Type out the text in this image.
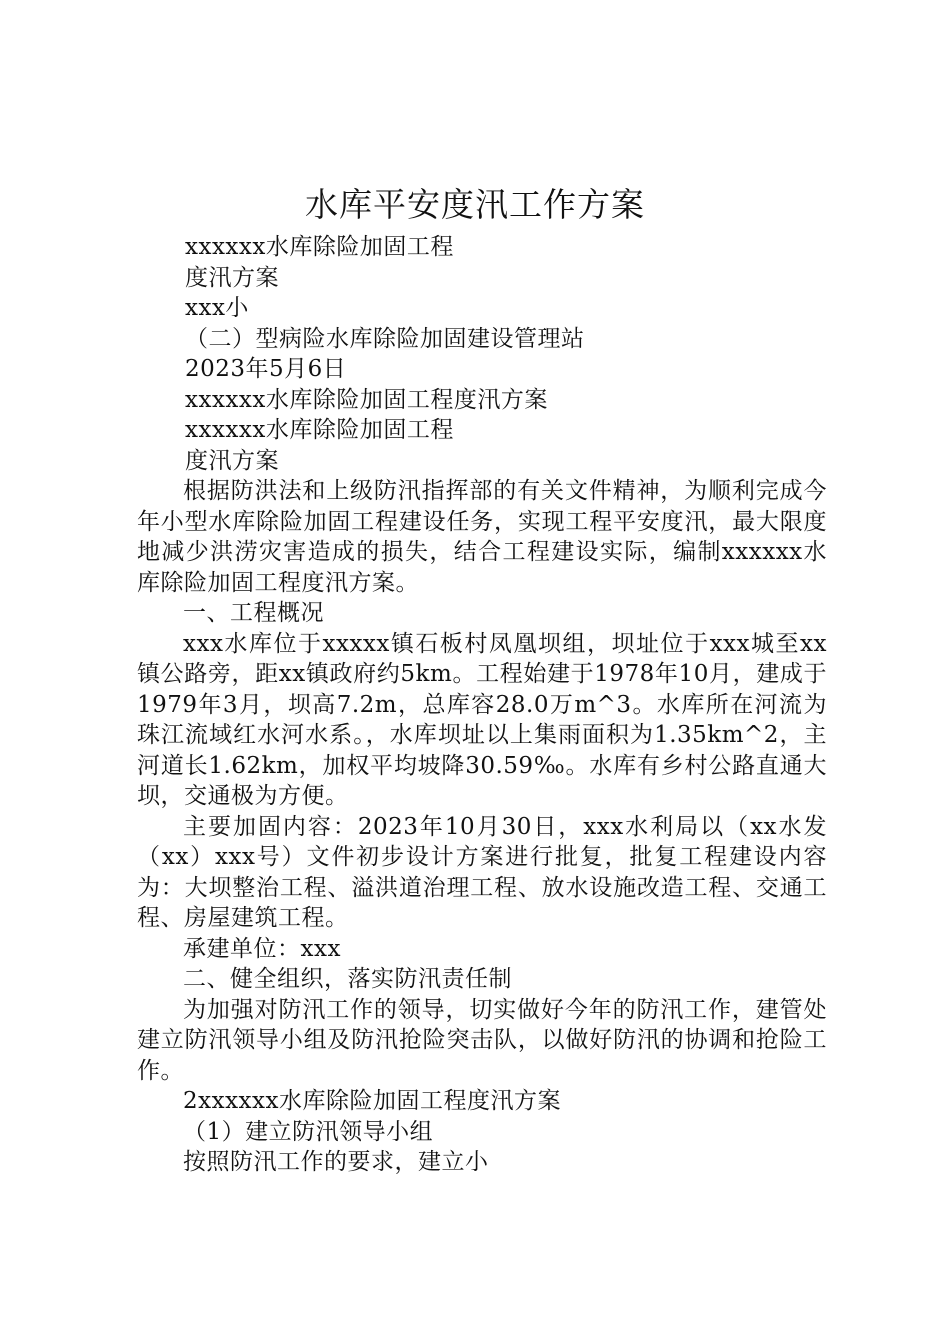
水库平安度汛工作方案

xxxxxx水库除险加固工程

度汛方案

xxx小

（二）型病险水库除险加固建设管理站

2023年5月6日

xxxxxx水库除险加固工程度汛方案

xxxxxx水库除险加固工程

度汛方案

根据防洪法和上级防汛指挥部的有关文件精神，为顺利完成今年小型水库除险加固工程建设任务，实现工程平安度汛，最大限度地减少洪涝灾害造成的损失，结合工程建设实际，编制xxxxxx水库除险加固工程度汛方案。

一、工程概况

xxx水库位于xxxxx镇石板村凤凰坝组，坝址位于xxx城至xx镇公路旁，距xx镇政府约5km。工程始建于1978年10月，建成于1979年3月，坝高7.2m，总库容28.0万m^3。水库所在河流为珠江流域红水河水系。，水库坝址以上集雨面积为1.35km^2，主河道长1.62km，加权平均坡降30.59‰。水库有乡村公路直通大坝，交通极为方便。

主要加固内容：2023年10月30日，xxx水利局以（xx水发（xx）xxx号）文件初步设计方案进行批复，批复工程建设内容为：大坝整治工程、溢洪道治理工程、放水设施改造工程、交通工程、房屋建筑工程。

承建单位：xxx

二、健全组织，落实防汛责任制

为加强对防汛工作的领导，切实做好今年的防汛工作，建管处建立防汛领导小组及防汛抢险突击队，以做好防汛的协调和抢险工作。

2xxxxxx水库除险加固工程度汛方案

（1）建立防汛领导小组

按照防汛工作的要求，建立小
